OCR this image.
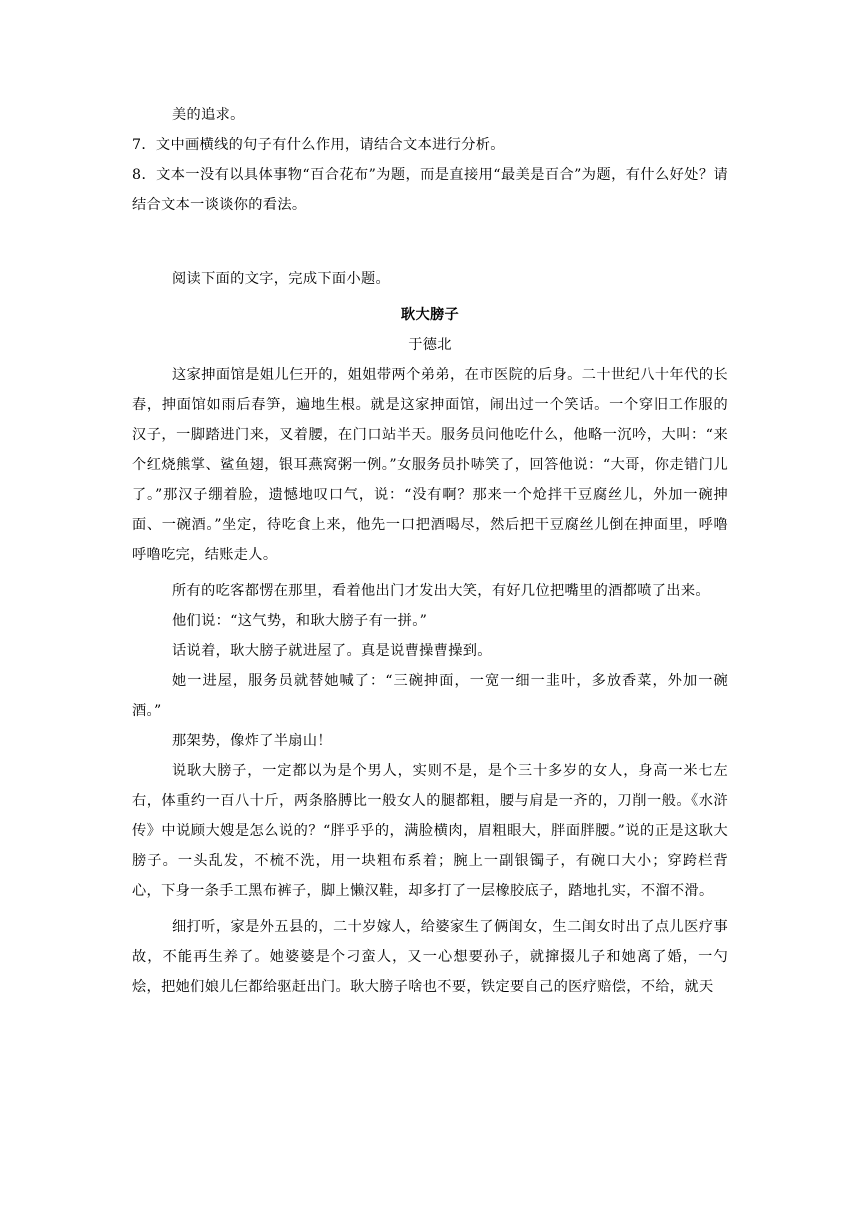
美的追求。

7．文中画横线的句子有什么作用，请结合文本进行分析。

8．文本一没有以具体事物“百合花布”为题，而是直接用“最美是百合”为题，有什么好处？请结合文本一谈谈你的看法。

阅读下面的文字，完成下面小题。

耿大膀子

于德北

这家抻面馆是姐儿仨开的，姐姐带两个弟弟，在市医院的后身。二十世纪八十年代的长春，抻面馆如雨后春笋，遍地生根。就是这家抻面馆，闹出过一个笑话。一个穿旧工作服的汉子，一脚踏进门来，叉着腰，在门口站半天。服务员问他吃什么，他略一沉吟，大叫：“来个红烧熊掌、鲨鱼翅，银耳燕窝粥一例。”女服务员扑哧笑了，回答他说：“大哥，你走错门儿了。”那汉子绷着脸，遗憾地叹口气，说：“没有啊？那来一个炝拌干豆腐丝儿，外加一碗抻面、一碗酒。”坐定，待吃食上来，他先一口把酒喝尽，然后把干豆腐丝儿倒在抻面里，呼噜呼噜吃完，结账走人。

所有的吃客都愣在那里，看着他出门才发出大笑，有好几位把嘴里的酒都喷了出来。

他们说：“这气势，和耿大膀子有一拼。”

话说着，耿大膀子就进屋了。真是说曹操曹操到。

她一进屋，服务员就替她喊了：“三碗抻面，一宽一细一韭叶，多放香菜，外加一碗酒。”

那架势，像炸了半扇山！

说耿大膀子，一定都以为是个男人，实则不是，是个三十多岁的女人，身高一米七左右，体重约一百八十斤，两条胳膊比一般女人的腿都粗，腰与肩是一齐的，刀削一般。《水浒传》中说顾大嫂是怎么说的？“胖乎乎的，满脸横肉，眉粗眼大，胖面胖腰。”说的正是这耿大膀子。一头乱发，不梳不洗，用一块粗布系着；腕上一副银镯子，有碗口大小；穿跨栏背心，下身一条手工黑布裤子，脚上懒汉鞋，却多打了一层橡胶底子，踏地扎实，不溜不滑。

细打听，家是外五县的，二十岁嫁人，给婆家生了俩闺女，生二闺女时出了点儿医疗事故，不能再生养了。她婆婆是个刁蛮人，又一心想要孙子，就撺掇儿子和她离了婚，一勺烩，把她们娘儿仨都给驱赶出门。耿大膀子啥也不要，铁定要自己的医疗赔偿，不给，就天
